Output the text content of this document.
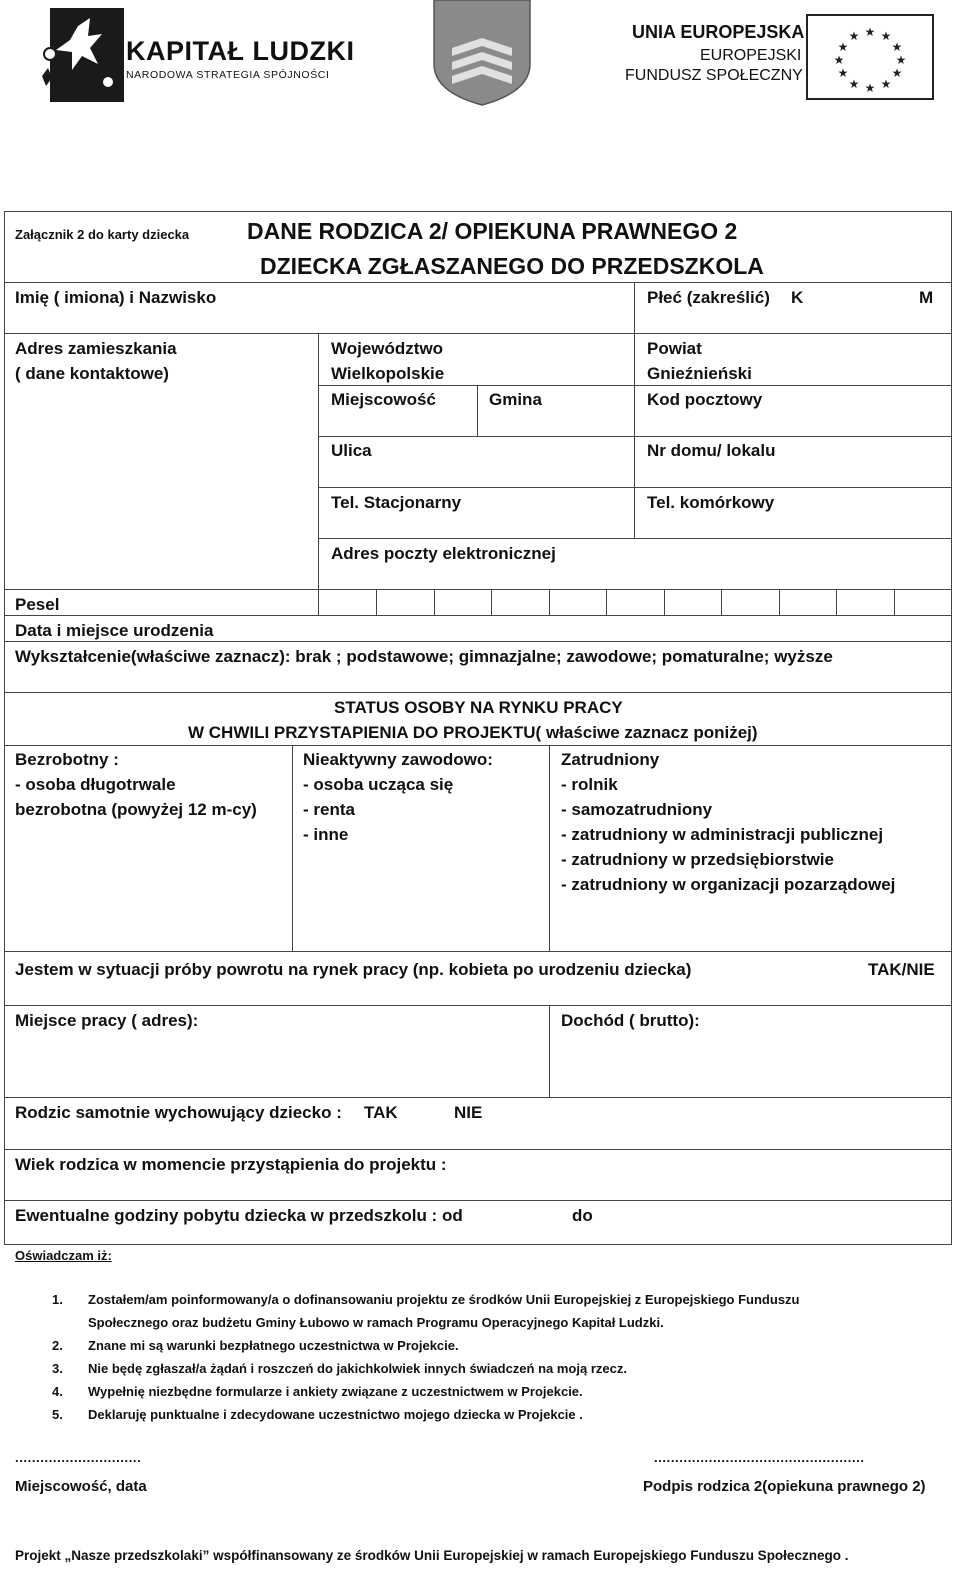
KAPITAŁ LUDZKI
NARODOWA STRATEGIA SPÓJNOŚCI
UNIA EUROPEJSKA
EUROPEJSKI
FUNDUSZ SPOŁECZNY
★ ★
★
★
★
★
★
★
★
★
★
★
Załącznik 2 do karty dziecka	DANE RODZICA 2/ OPIEKUNA PRAWNEGO 2
DZIECKA ZGŁASZANEGO DO PRZEDSZKOLA
Imię ( imiona) i Nazwisko	Płeć (zakreślić) K	M
Adres zamieszkania
( dane kontaktowe)
Województwo
Wielkopolskie
Powiat
Gnieźnieński
Miejscowość	Gmina	Kod pocztowy
Ulica	Nr domu/ lokalu
Tel. Stacjonarny	Tel. komórkowy
Adres poczty elektronicznej
Pesel
Data i miejsce urodzenia
Wykształcenie(właściwe zaznacz): brak ; podstawowe; gimnazjalne; zawodowe; pomaturalne; wyższe
STATUS OSOBY NA RYNKU PRACY
W CHWILI PRZYSTAPIENIA DO PROJEKTU( właściwe zaznacz poniżej)
Bezrobotny :
- osoba długotrwale
bezrobotna (powyżej 12 m-cy)
Nieaktywny zawodowo:
- osoba ucząca się
- renta
- inne
Zatrudniony
- rolnik
- samozatrudniony
- zatrudniony w administracji publicznej
- zatrudniony w przedsiębiorstwie
- zatrudniony w organizacji pozarządowej
Jestem w sytuacji próby powrotu na rynek pracy (np. kobieta po urodzeniu dziecka)	TAK/NIE
Miejsce pracy ( adres):	Dochód ( brutto):
Rodzic samotnie wychowujący dziecko : TAK	NIE
Wiek rodzica w momencie przystąpienia do projektu :
Ewentualne godziny pobytu dziecka w przedszkolu : od	do
Oświadczam iż:
1. Zostałem/am poinformowany/a o dofinansowaniu projektu ze środków Unii Europejskiej z Europejskiego Funduszu
Społecznego oraz budżetu Gminy Łubowo w ramach Programu Operacyjnego Kapitał Ludzki.
2. Znane mi są warunki bezpłatnego uczestnictwa w Projekcie.
3. Nie będę zgłaszał/a żądań i roszczeń do jakichkolwiek innych świadczeń na moją rzecz.
4. Wypełnię niezbędne formularze i ankiety związane z uczestnictwem w Projekcie.
5. Deklaruję punktualne i zdecydowane uczestnictwo mojego dziecka w Projekcie .
..............................	..................................................
Miejscowość, data	Podpis rodzica 2(opiekuna prawnego 2)
Projekt „Nasze przedszkolaki” współfinansowany ze środków Unii Europejskiej w ramach Europejskiego Funduszu Społecznego .
